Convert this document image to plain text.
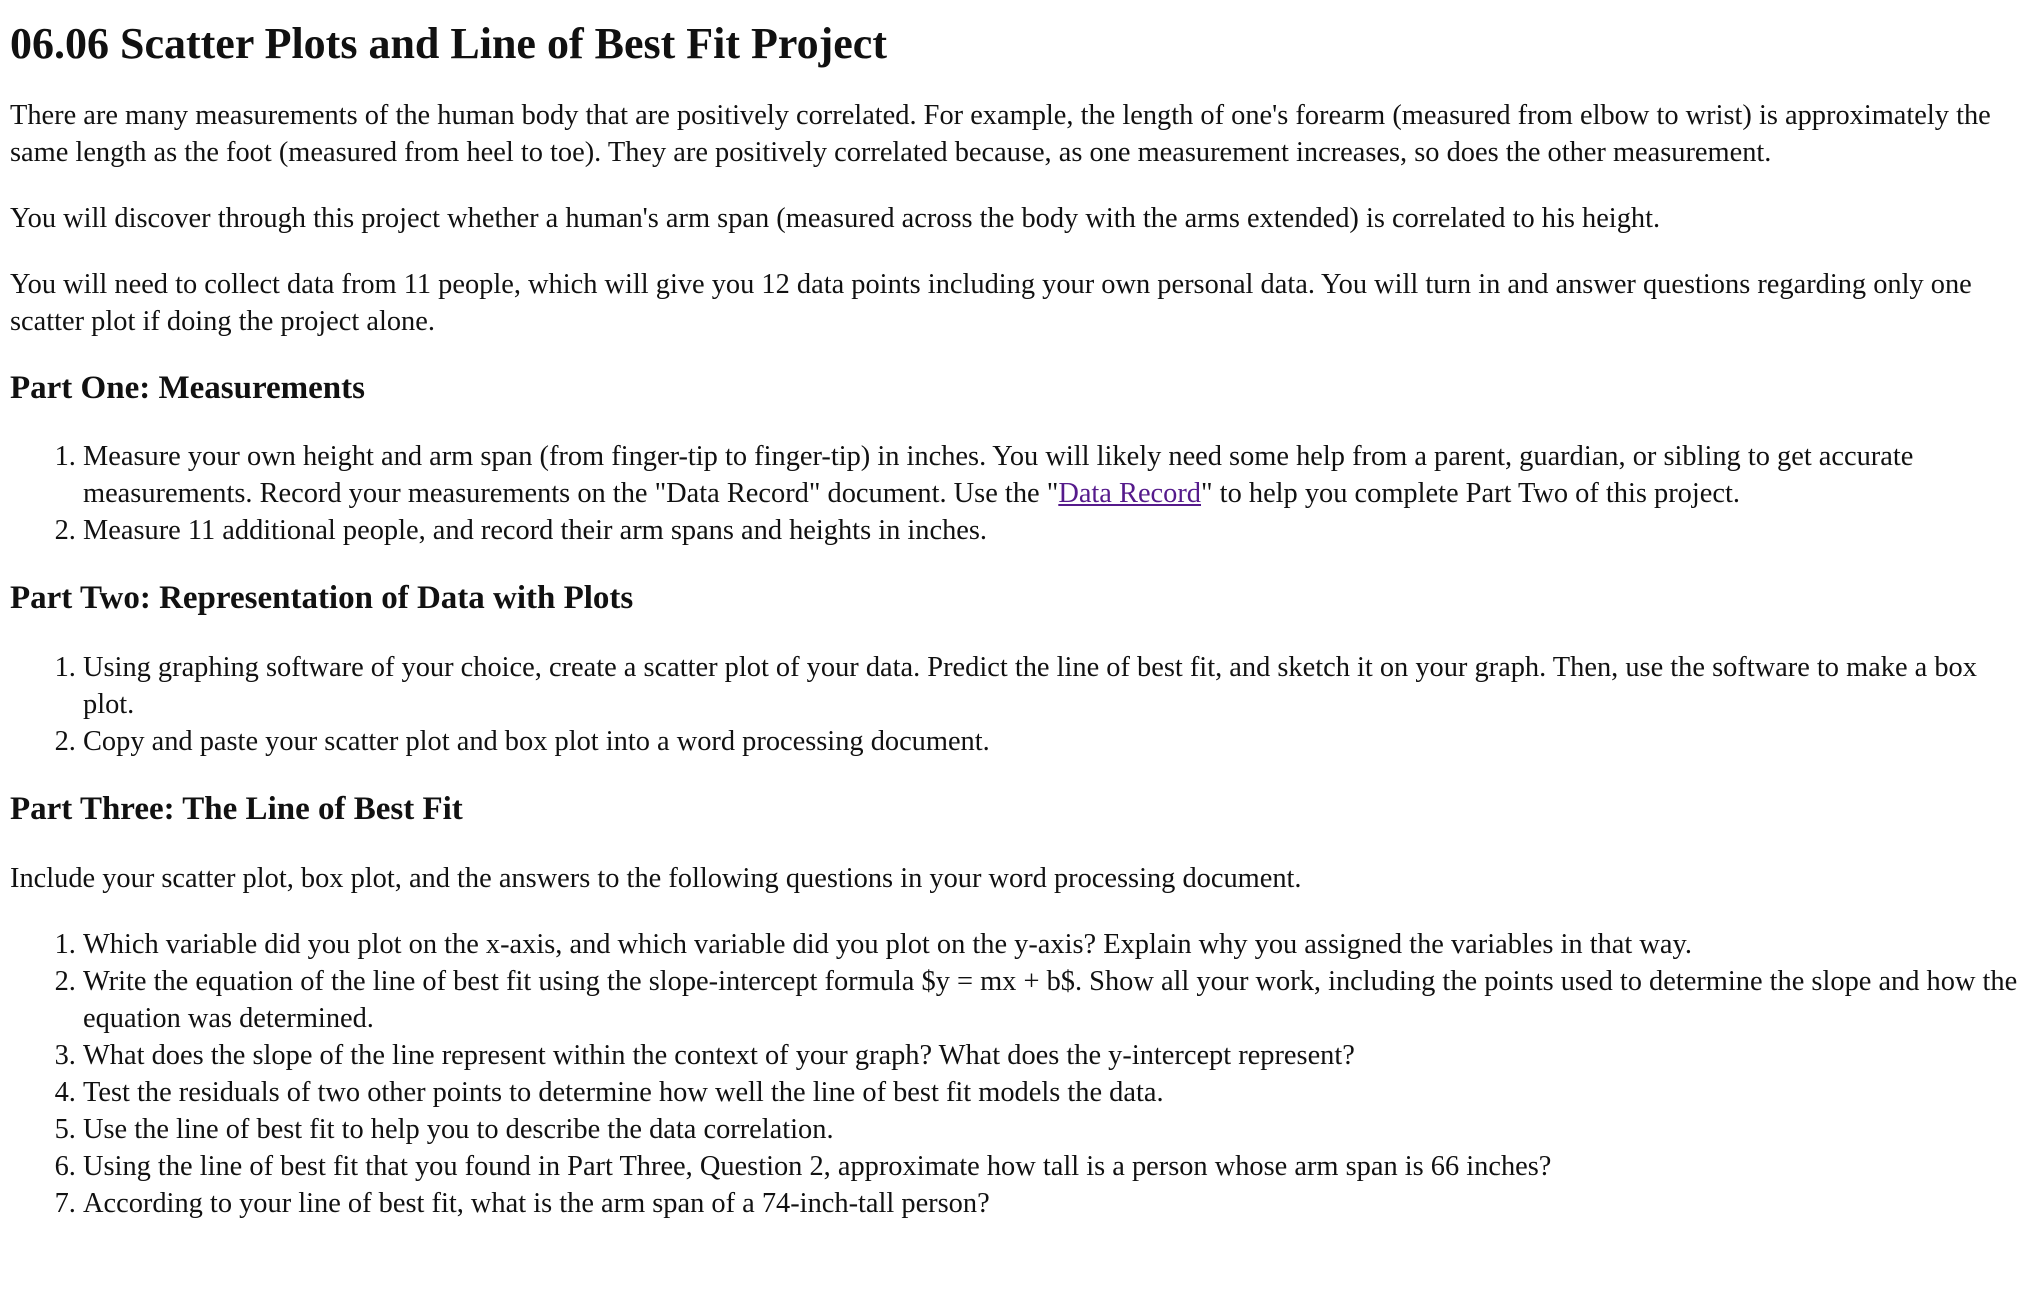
06.06 Scatter Plots and Line of Best Fit Project

There are many measurements of the human body that are positively correlated. For example, the length of one's forearm (measured from elbow to wrist) is approximately the same length as the foot (measured from heel to toe). They are positively correlated because, as one measurement increases, so does the other measurement.

You will discover through this project whether a human's arm span (measured across the body with the arms extended) is correlated to his height.

You will need to collect data from 11 people, which will give you 12 data points including your own personal data. You will turn in and answer questions regarding only one scatter plot if doing the project alone.

Part One: Measurements
1. Measure your own height and arm span (from finger-tip to finger-tip) in inches. You will likely need some help from a parent, guardian, or sibling to get accurate measurements. Record your measurements on the "Data Record" document. Use the "Data Record" to help you complete Part Two of this project.
2. Measure 11 additional people, and record their arm spans and heights in inches.
Part Two: Representation of Data with Plots
1. Using graphing software of your choice, create a scatter plot of your data. Predict the line of best fit, and sketch it on your graph. Then, use the software to make a box plot.
2. Copy and paste your scatter plot and box plot into a word processing document.
Part Three: The Line of Best Fit

Include your scatter plot, box plot, and the answers to the following questions in your word processing document.

1. Which variable did you plot on the x-axis, and which variable did you plot on the y-axis? Explain why you assigned the variables in that way.
2. Write the equation of the line of best fit using the slope-intercept formula $y = mx + b$. Show all your work, including the points used to determine the slope and how the equation was determined.
3. What does the slope of the line represent within the context of your graph? What does the y-intercept represent?
4. Test the residuals of two other points to determine how well the line of best fit models the data.
5. Use the line of best fit to help you to describe the data correlation.
6. Using the line of best fit that you found in Part Three, Question 2, approximate how tall is a person whose arm span is 66 inches?
7. According to your line of best fit, what is the arm span of a 74-inch-tall person?
